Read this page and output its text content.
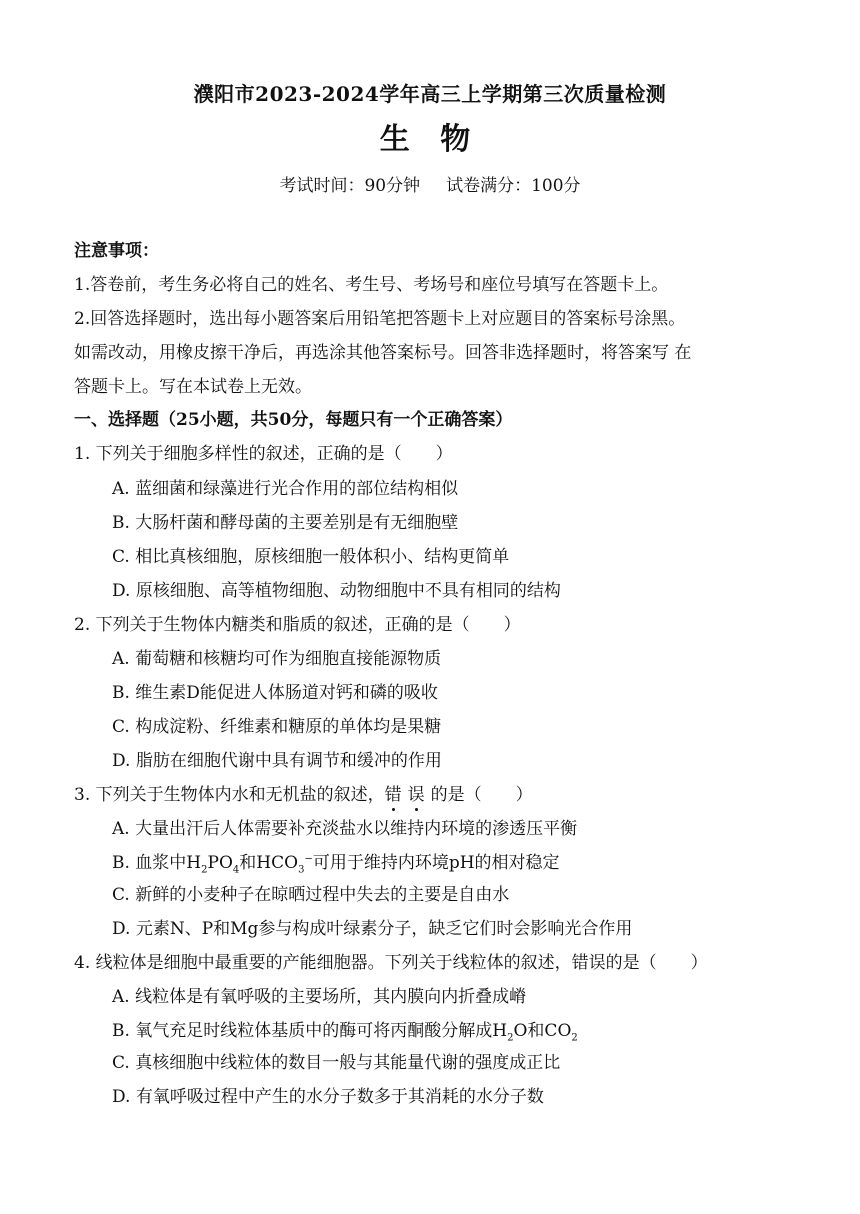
濮阳市2023-2024学年高三上学期第三次质量检测
生 物
考试时间：90分钟 试卷满分：100分
注意事项：
1.答卷前，考生务必将自己的姓名、考生号、考场号和座位号填写在答题卡上。
2.回答选择题时，选出每小题答案后用铅笔把答题卡上对应题目的答案标号涂黑。
如需改动，用橡皮擦干净后，再选涂其他答案标号。回答非选择题时，将答案写 在
答题卡上。写在本试卷上无效。
一、选择题（25小题，共50分，每题只有一个正确答案）
1. 下列关于细胞多样性的叙述，正确的是（　　）
A. 蓝细菌和绿藻进行光合作用的部位结构相似
B. 大肠杆菌和酵母菌的主要差别是有无细胞壁
C. 相比真核细胞，原核细胞一般体积小、结构更简单
D. 原核细胞、高等植物细胞、动物细胞中不具有相同的结构
2. 下列关于生物体内糖类和脂质的叙述，正确的是（　　）
A. 葡萄糖和核糖均可作为细胞直接能源物质
B. 维生素D能促进人体肠道对钙和磷的吸收
C. 构成淀粉、纤维素和糖原的单体均是果糖
D. 脂肪在细胞代谢中具有调节和缓冲的作用
3. 下列关于生物体内水和无机盐的叙述，错 误 的是（　　）
A. 大量出汗后人体需要补充淡盐水以维持内环境的渗透压平衡
B. 血浆中$H_2PO_4$和$HCO_3^-$可用于维持内环境pH的相对稳定
C. 新鲜的小麦种子在晾晒过程中失去的主要是自由水
D. 元素N、P和Mg参与构成叶绿素分子，缺乏它们时会影响光合作用
4. 线粒体是细胞中最重要的产能细胞器。下列关于线粒体的叙述，错误的是（　　）
A. 线粒体是有氧呼吸的主要场所，其内膜向内折叠成嵴
B. 氧气充足时线粒体基质中的酶可将丙酮酸分解成$H_2O$和$CO_2$
C. 真核细胞中线粒体的数目一般与其能量代谢的强度成正比
D. 有氧呼吸过程中产生的水分子数多于其消耗的水分子数
